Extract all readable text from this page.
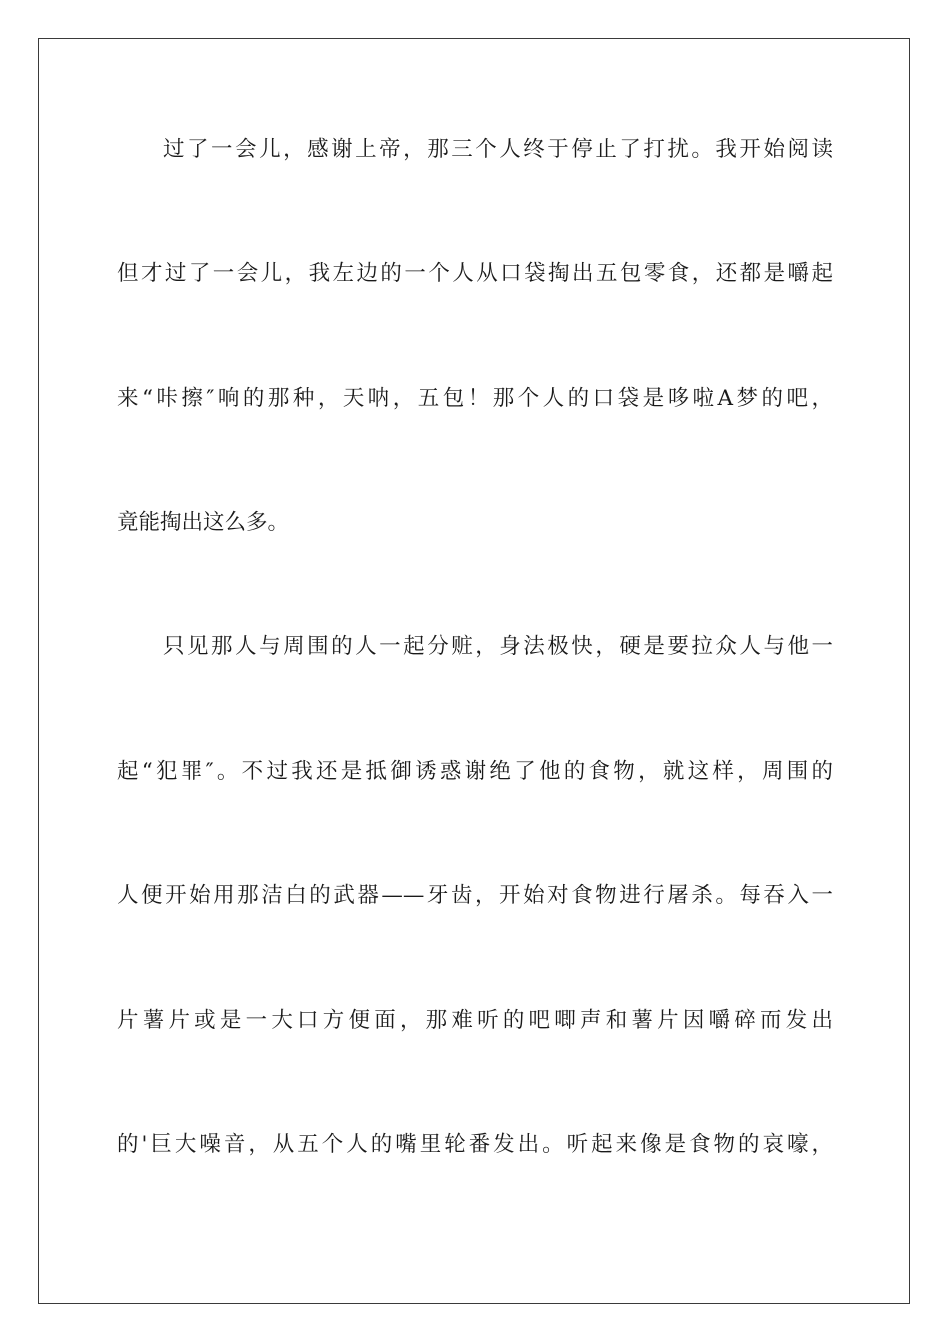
过了一会儿，感谢上帝，那三个人终于停止了打扰。我开始阅读
但才过了一会儿，我左边的一个人从口袋掏出五包零食，还都是嚼起
来“咔擦″响的那种，天呐，五包！那个人的口袋是哆啦A梦的吧，
竟能掏出这么多。
只见那人与周围的人一起分赃，身法极快，硬是要拉众人与他一
起“犯罪″。不过我还是抵御诱惑谢绝了他的食物，就这样，周围的
人便开始用那洁白的武器——牙齿，开始对食物进行屠杀。每吞入一
片薯片或是一大口方便面，那难听的吧唧声和薯片因嚼碎而发出
的'巨大噪音，从五个人的嘴里轮番发出。听起来像是食物的哀嚎，
